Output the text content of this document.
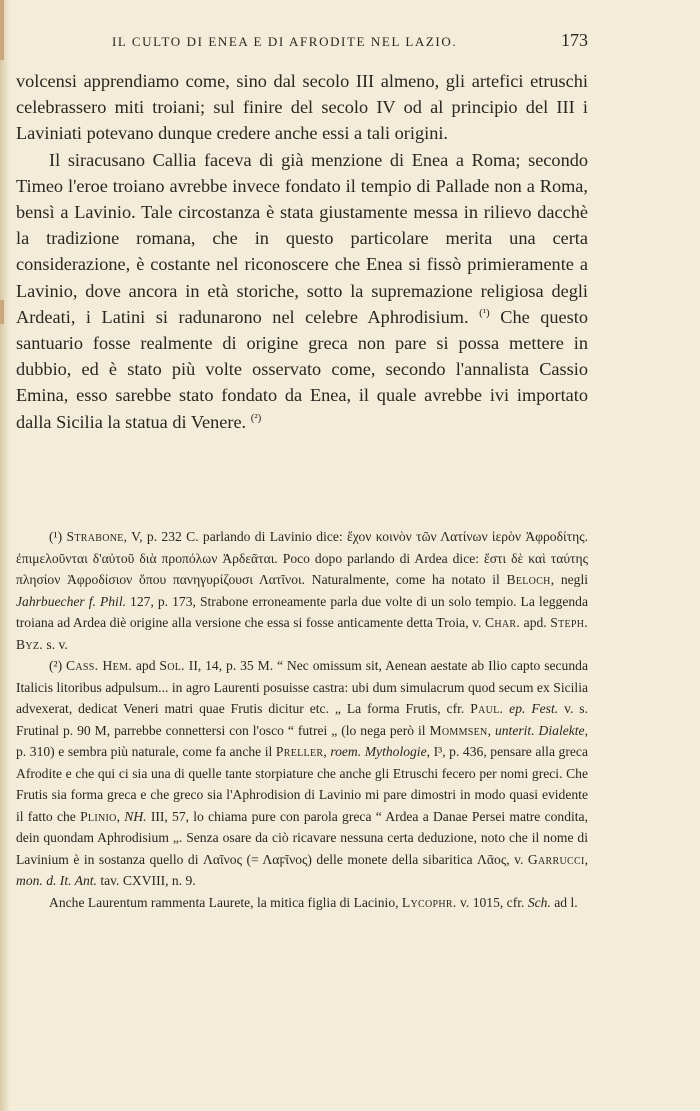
IL CULTO DI ENEA E DI AFRODITE NEL LAZIO.	173

volcensi apprendiamo come, sino dal secolo III almeno, gli artefici etruschi celebrassero miti troiani; sul finire del secolo IV od al principio del III i Laviniati potevano dunque credere anche essi a tali origini.

Il siracusano Callia faceva di già menzione di Enea a Roma; secondo Timeo l'eroe troiano avrebbe invece fondato il tempio di Pallade non a Roma, bensì a Lavinio. Tale circostanza è stata giustamente messa in rilievo dacchè la tradizione romana, che in questo particolare merita una certa considerazione, è costante nel riconoscere che Enea si fissò primieramente a Lavinio, dove ancora in età storiche, sotto la supremazione religiosa degli Ardeati, i Latini si radunarono nel celebre Aphrodisium. $^{(^1)}$ Che questo santuario fosse realmente di origine greca non pare si possa mettere in dubbio, ed è stato più volte osservato come, secondo l'annalista Cassio Emina, esso sarebbe stato fondato da Enea, il quale avrebbe ivi importato dalla Sicilia la statua di Venere. $^{(^2)}$

(¹) Strabone, V, p. 232 C. parlando di Lavinio dice: ἔχον κοινὸν τῶν Λατίνων ἱερὸν Ἀφροδίτης. ἐπιμελοῦνται δ'αὐτοῦ διὰ προπόλων Ἀρδεᾶται. Poco dopo parlando di Ardea dice: ἔστι δὲ καὶ ταύτης πλησίον Ἀφροδίσιον ὅπου πανηγυρίζουσι Λατῖνοι. Naturalmente, come ha notato il Beloch, negli Jahrbuecher f. Phil. 127, p. 173, Strabone erroneamente parla due volte di un solo tempio. La leggenda troiana ad Ardea diè origine alla versione che essa si fosse anticamente detta Troia, v. Char. apd. Steph. Byz. s. v.

(²) Cass. Hem. apd Sol. II, 14, p. 35 M. “ Nec omissum sit, Aenean aestate ab Ilio capto secunda Italicis litoribus adpulsum... in agro Laurenti posuisse castra: ubi dum simulacrum quod secum ex Sicilia advexerat, dedicat Veneri matri quae Frutis dicitur etc. „ La forma Frutis, cfr. Paul. ep. Fest. v. s. Frutinal p. 90 M, parrebbe connettersi con l'osco “ futrei „ (lo nega però il Mommsen, unterit. Dialekte, p. 310) e sembra più naturale, come fa anche il Preller, roem. Mythologie, I³, p. 436, pensare alla greca Afrodite e che qui ci sia una di quelle tante storpiature che anche gli Etruschi fecero per nomi greci. Che Frutis sia forma greca e che greco sia l'Aphrodision di Lavinio mi pare dimostri in modo quasi evidente il fatto che Plinio, NH. III, 57, lo chiama pure con parola greca “ Ardea a Danae Persei matre condita, dein quondam Aphrodisium „. Senza osare da ciò ricavare nessuna certa deduzione, noto che il nome di Lavinium è in sostanza quello di Λαῖνος (= Λαϝῖνος) delle monete della sibaritica Λᾶος, v. Garrucci, mon. d. It. Ant. tav. CXVIII, n. 9.

Anche Laurentum rammenta Laurete, la mitica figlia di Lacinio, Lycophr. v. 1015, cfr. Sch. ad l.
